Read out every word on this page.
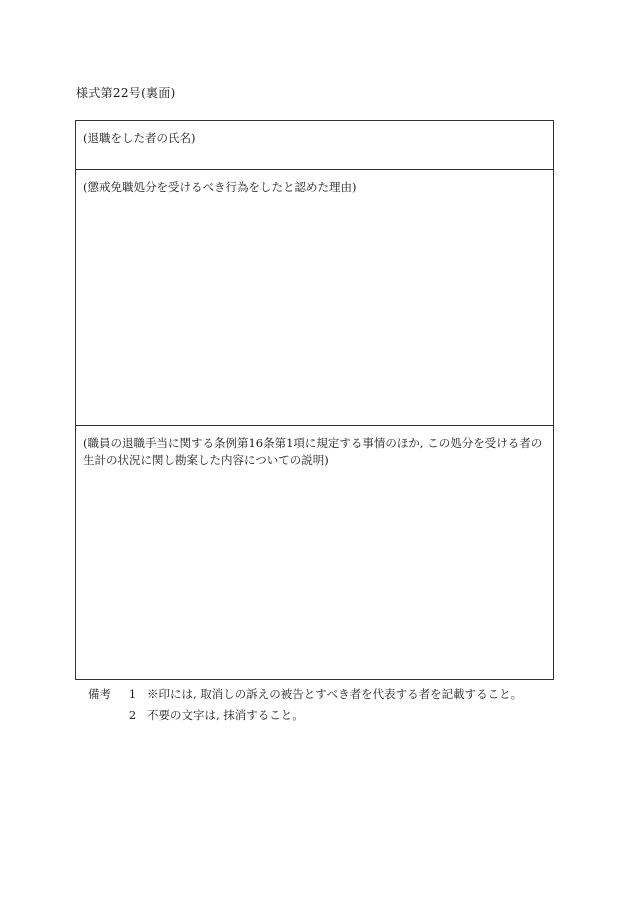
様式第22号(裏面)
(退職をした者の氏名)
(懲戒免職処分を受けるべき行為をしたと認めた理由)
(職員の退職手当に関する条例第16条第1項に規定する事情のほか, この処分を受ける者の
生計の状況に関し勘案した内容についての説明)
備考	1 ※印には, 取消しの訴えの被告とすべき者を代表する者を記載すること。
2 不要の文字は, 抹消すること。
